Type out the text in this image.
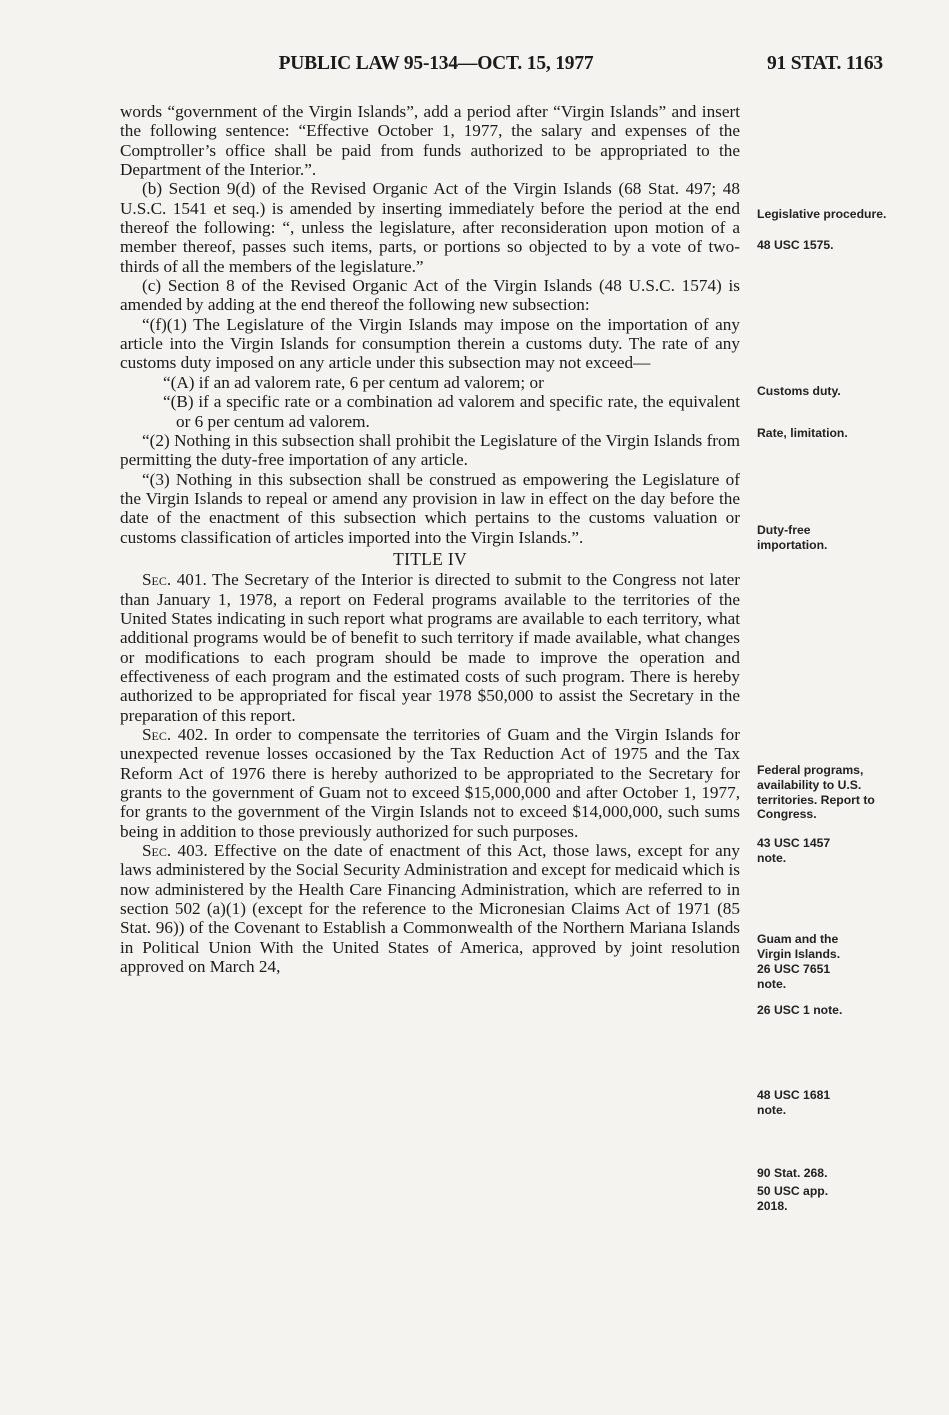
PUBLIC LAW 95-134—OCT. 15, 1977	91 STAT. 1163

words “government of the Virgin Islands”, add a period after “Virgin Islands” and insert the following sentence: “Effective October 1, 1977, the salary and expenses of the Comptroller’s office shall be paid from funds authorized to be appropriated to the Department of the Interior.”.

(b) Section 9(d) of the Revised Organic Act of the Virgin Islands (68 Stat. 497; 48 U.S.C. 1541 et seq.) is amended by inserting immediately before the period at the end thereof the following: “, unless the legislature, after reconsideration upon motion of a member thereof, passes such items, parts, or portions so objected to by a vote of two-thirds of all the members of the legislature.”

(c) Section 8 of the Revised Organic Act of the Virgin Islands (48 U.S.C. 1574) is amended by adding at the end thereof the following new subsection:

“(f)(1) The Legislature of the Virgin Islands may impose on the importation of any article into the Virgin Islands for consumption therein a customs duty. The rate of any customs duty imposed on any article under this subsection may not exceed—

“(A) if an ad valorem rate, 6 per centum ad valorem; or

“(B) if a specific rate or a combination ad valorem and specific rate, the equivalent or 6 per centum ad valorem.

“(2) Nothing in this subsection shall prohibit the Legislature of the Virgin Islands from permitting the duty-free importation of any article.

“(3) Nothing in this subsection shall be construed as empowering the Legislature of the Virgin Islands to repeal or amend any provision in law in effect on the day before the date of the enactment of this subsection which pertains to the customs valuation or customs classification of articles imported into the Virgin Islands.”.

TITLE IV

Sec. 401. The Secretary of the Interior is directed to submit to the Congress not later than January 1, 1978, a report on Federal programs available to the territories of the United States indicating in such report what programs are available to each territory, what additional programs would be of benefit to such territory if made available, what changes or modifications to each program should be made to improve the operation and effectiveness of each program and the estimated costs of such program. There is hereby authorized to be appropriated for fiscal year 1978 $50,000 to assist the Secretary in the preparation of this report.

Sec. 402. In order to compensate the territories of Guam and the Virgin Islands for unexpected revenue losses occasioned by the Tax Reduction Act of 1975 and the Tax Reform Act of 1976 there is hereby authorized to be appropriated to the Secretary for grants to the government of Guam not to exceed $15,000,000 and after October 1, 1977, for grants to the government of the Virgin Islands not to exceed $14,000,000, such sums being in addition to those previously authorized for such purposes.

Sec. 403. Effective on the date of enactment of this Act, those laws, except for any laws administered by the Social Security Administration and except for medicaid which is now administered by the Health Care Financing Administration, which are referred to in section 502 (a)(1) (except for the reference to the Micronesian Claims Act of 1971 (85 Stat. 96)) of the Covenant to Establish a Commonwealth of the Northern Mariana Islands in Political Union With the United States of America, approved by joint resolution approved on March 24,

Legislative procedure.
48 USC 1575.
Customs duty.
Rate, limitation.
Duty-free importation.
Federal programs, availability to U.S. territories. Report to Congress.
43 USC 1457 note.
Guam and the Virgin Islands.
26 USC 7651 note.
26 USC 1 note.
48 USC 1681 note.
90 Stat. 268.
50 USC app. 2018.
